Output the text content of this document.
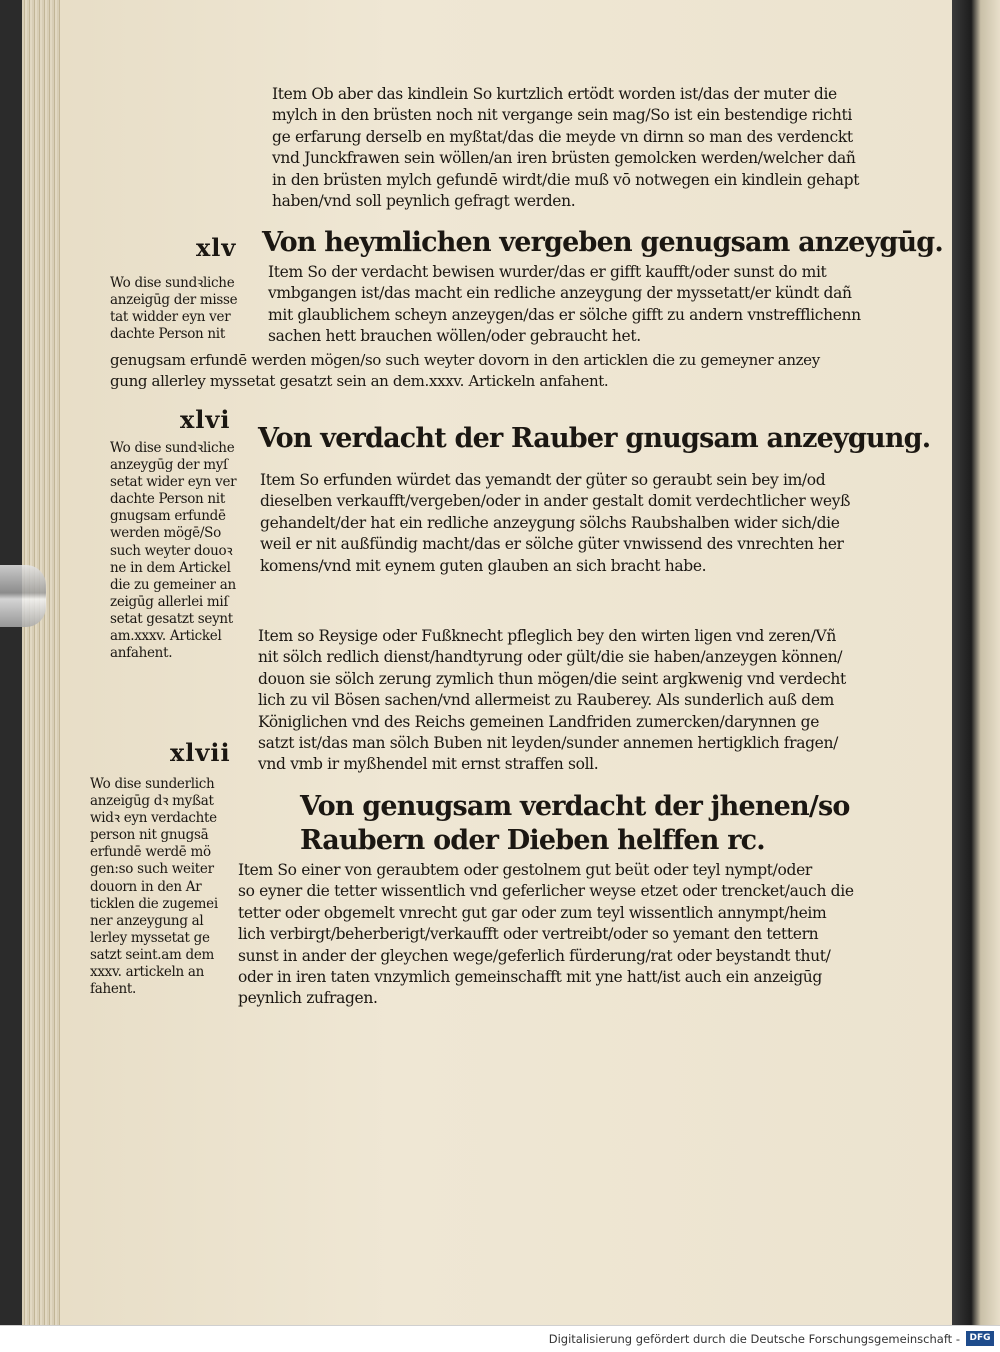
Item Ob aber das kindlein So kurtzlich ertödt worden ist/das der muter die
mylch in den brüsten noch nit vergange sein mag/So ist ein bestendige richti
ge erfarung derselb en myßtat/das die meyde vn dirnn so man des verdenckt
vnd Junckfrawen sein wöllen/an iren brüsten gemolcken werden/welcher dañ
in den brüsten mylch gefundē wirdt/die muß vō notwegen ein kindlein gehapt
haben/vnd soll peynlich gefragt werden.
xlv Von heymlichen vergeben genugsam anzeygūg.
Wo dise sundꝛliche
anzeigūg der misse
tat widder eyn ver
dachte Person nit
Item So der verdacht bewisen wurder/das er gifft kaufft/oder sunst do mit
vmbgangen ist/das macht ein redliche anzeygung der myssetatt/er kündt dañ
mit glaublichem scheyn anzeygen/das er sölche gifft zu andern vnstrefflichenn
sachen hett brauchen wöllen/oder gebraucht het.
genugsam erfundē werden mögen/so such weyter dovorn in den articklen die zu gemeyner anzey
gung allerley myssetat gesatzt sein an dem.xxxv. Artickeln anfahent.
xlvi
Von verdacht der Rauber gnugsam anzeygung.
Wo dise sundꝛliche
anzeygūg der myſ
setat wider eyn ver
dachte Person nit
gnugsam erfundē
werden mögē/So
such weyter douoꝛ
ne in dem Artickel
die zu gemeiner an
zeigūg allerlei miſ
setat gesatzt seynt
am.xxxv. Artickel
anfahent.
Item So erfunden würdet das yemandt der güter so geraubt sein bey im/od
dieselben verkaufft/vergeben/oder in ander gestalt domit verdechtlicher weyß
gehandelt/der hat ein redliche anzeygung sölchs Raubshalben wider sich/die
weil er nit außfündig macht/das er sölche güter vnwissend des vnrechten her
komens/vnd mit eynem guten glauben an sich bracht habe.
Item so Reysige oder Fußknecht pfleglich bey den wirten ligen vnd zeren/Vñ
nit sölch redlich dienst/handtyrung oder gült/die sie haben/anzeygen können/
douon sie sölch zerung zymlich thun mögen/die seint argkwenig vnd verdecht
lich zu vil Bösen sachen/vnd allermeist zu Rauberey. Als sunderlich auß dem
Königlichen vnd des Reichs gemeinen Landfriden zumercken/darynnen ge
satzt ist/das man sölch Buben nit leyden/sunder annemen hertigklich fragen/
vnd vmb ir myßhendel mit ernst straffen soll.
xlvii
Wo dise sunderlich
anzeigūg dꝛ myßat
widꝛ eyn verdachte
person nit gnugsā
erfundē werdē mö
gen:so such weiter
douorn in den Ar
ticklen die zugemei
ner anzeygung al
lerley myssetat ge
satzt seint.am dem
xxxv. artickeln an
fahent.
Von genugsam verdacht der jhenen/so
Raubern oder Dieben helffen rc.
Item So einer von geraubtem oder gestolnem gut beüt oder teyl nympt/oder
so eyner die tetter wissentlich vnd geferlicher weyse etzet oder trencket/auch die
tetter oder obgemelt vnrecht gut gar oder zum teyl wissentlich annympt/heim
lich verbirgt/beherberigt/verkaufft oder vertreibt/oder so yemant den tettern
sunst in ander der gleychen wege/geferlich fürderung/rat oder beystandt thut/
oder in iren taten vnzymlich gemeinschafft mit yne hatt/ist auch ein anzeigūg
peynlich zufragen.
Digitalisierung gefördert durch die Deutsche Forschungsgemeinschaft -	DFG
